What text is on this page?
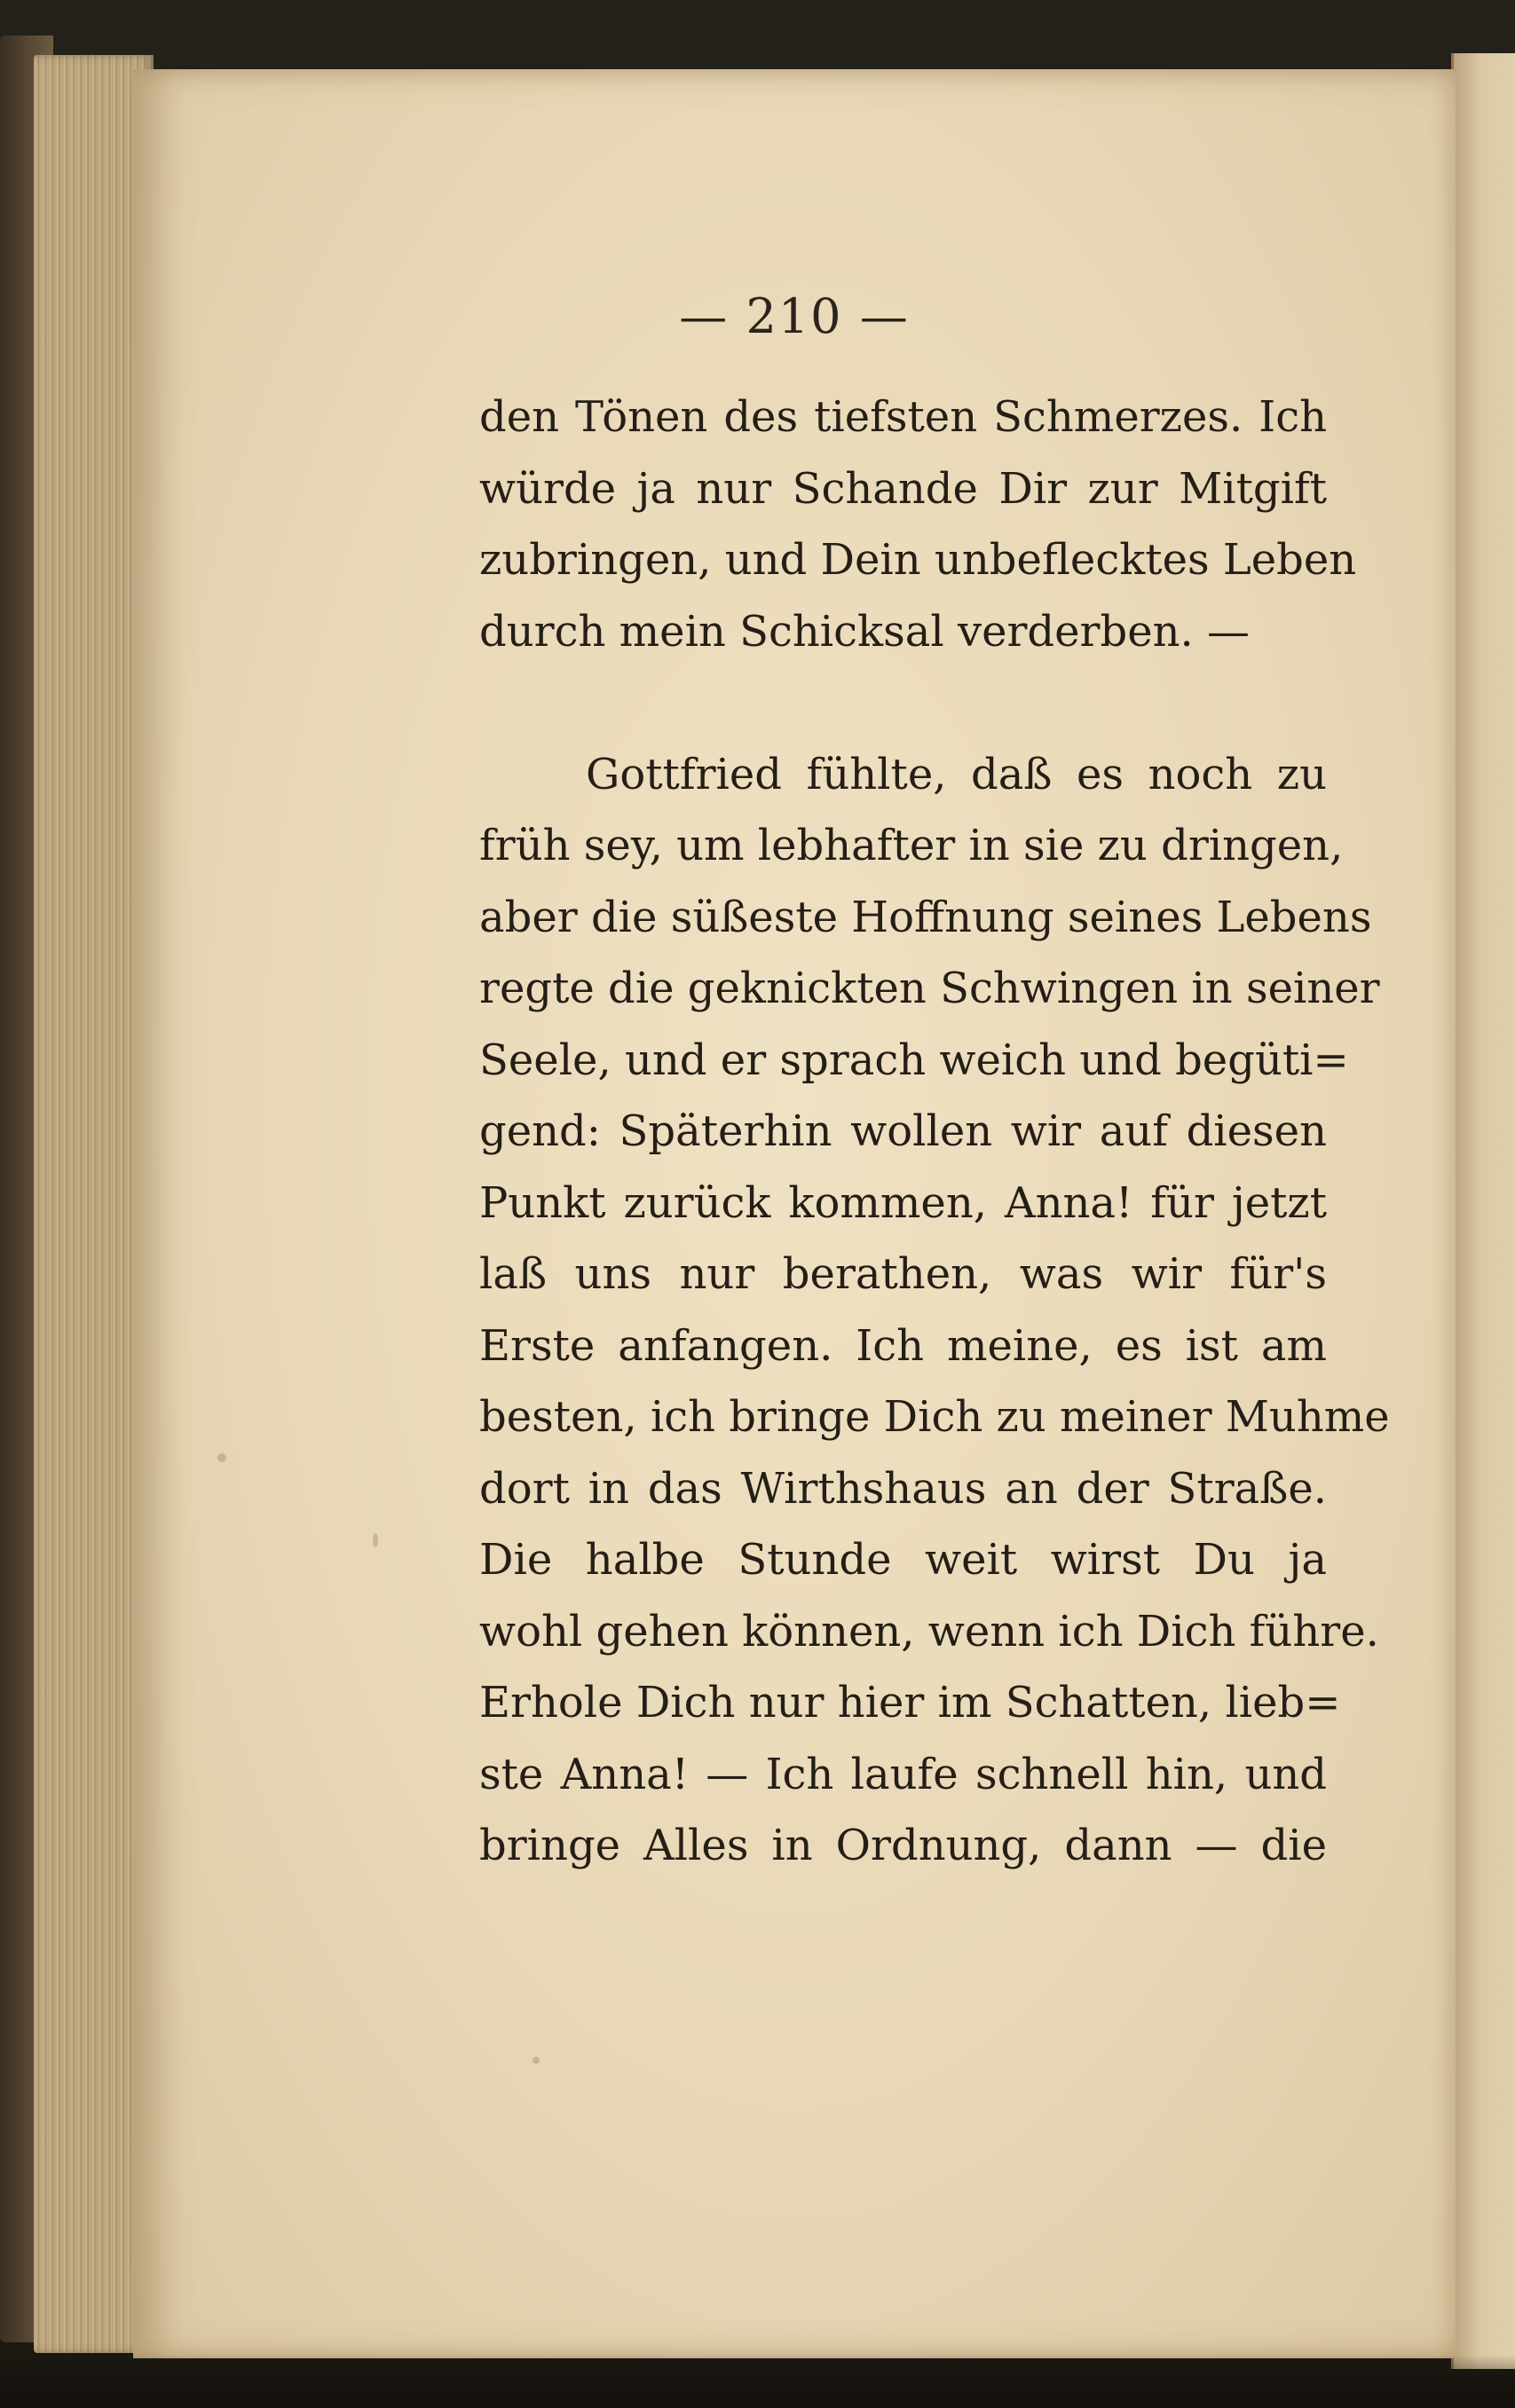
— 210 —
den Tönen des tiefsten Schmerzes. Ich
würde ja nur Schande Dir zur Mitgift
zubringen, und Dein unbeflecktes Leben
durch mein Schicksal verderben. —
Gottfried fühlte, daß es noch zu
früh sey, um lebhafter in sie zu dringen,
aber die süßeste Hoffnung seines Lebens
regte die geknickten Schwingen in seiner
Seele, und er sprach weich und begüti=
gend: Späterhin wollen wir auf diesen
Punkt zurück kommen, Anna! für jetzt
laß uns nur berathen, was wir für's
Erste anfangen. Ich meine, es ist am
besten, ich bringe Dich zu meiner Muhme
dort in das Wirthshaus an der Straße.
Die halbe Stunde weit wirst Du ja
wohl gehen können, wenn ich Dich führe.
Erhole Dich nur hier im Schatten, lieb=
ste Anna! — Ich laufe schnell hin, und
bringe Alles in Ordnung, dann — die
